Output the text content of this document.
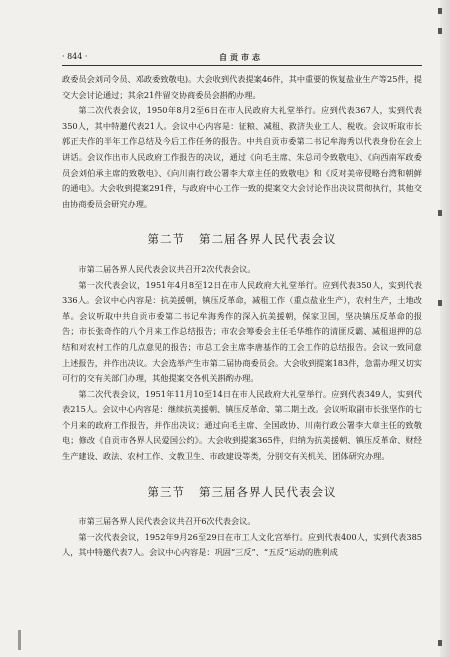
· 844 ·	自贡市志

政委员会刘司令员、邓政委致敬电)。大会收到代表提案46件，其中重要的恢复盐业生产等25件，提交大会讨论通过；其余21件留交协商委员会斟酌办理。

第二次代表会议，1950年8月2至6日在市人民政府大礼堂举行。应到代表367人，实到代表350人，其中特邀代表21人。会议中心内容是：征粮、减租、救济失业工人、税收。会议听取市长郭正夫作的半年工作总结及今后工作任务的报告。中共自贡市委第二书记牟海秀以代表身份在会上讲话。会议作出市人民政府工作报告的决议，通过《向毛主席、朱总司令致敬电》、《向西南军政委员会刘伯承主席的致敬电》、《向川南行政公署李大章主任的致敬电》和《反对美帝侵略台湾和朝鲜的通电》。大会收到提案291件，与政府中心工作一致的提案交大会讨论作出决议贯彻执行，其他交由协商委员会研究办理。

第二节 第二届各界人民代表会议

市第二届各界人民代表会议共召开2次代表会议。

第一次代表会议，1951年4月8至12日在市人民政府大礼堂举行。应到代表350人，实到代表336人。会议中心内容是：抗美援朝，镇压反革命，减租工作（重点盐业生产），农村生产，土地改革。会议听取中共自贡市委第二书记牟海秀作的深入抗美援朝，保家卫国，坚决镇压反革命的报告；市长张奇作的八个月来工作总结报告；市农会筹委会主任毛华维作的清匪反霸、减租退押的总结和对农村工作的几点意见的报告；市总工会主席李唐基作的工会工作的总结报告。会议一致同意上述报告，并作出决议。大会选举产生市第二届协商委员会。大会收到提案183件，急需办理又切实可行的交有关部门办理，其他提案交各机关斟酌办理。

第二次代表会议，1951年11月10至14日在市人民政府大礼堂举行。应到代表349人，实到代表215人。会议中心内容是：继续抗美援朝、镇压反革命、第二期土改。会议听取副市长张坚作的七个月来的政府工作报告，并作出决议；通过向毛主席、全国政协、川南行政公署李大章主任的致敬电；修改《自贡市各界人民爱国公约》。大会收到提案365件，归纳为抗美援朝、镇压反革命、财经生产建设、政法、农村工作、文教卫生、市政建设等类，分别交有关机关、团体研究办理。

第三节 第三届各界人民代表会议

市第三届各界人民代表会议共召开6次代表会议。

第一次代表会议，1952年9月26至29日在市工人文化宫举行。应到代表400人，实到代表385人，其中特邀代表7人。会议中心内容是：巩固“三反”、“五反”运动的胜利成
